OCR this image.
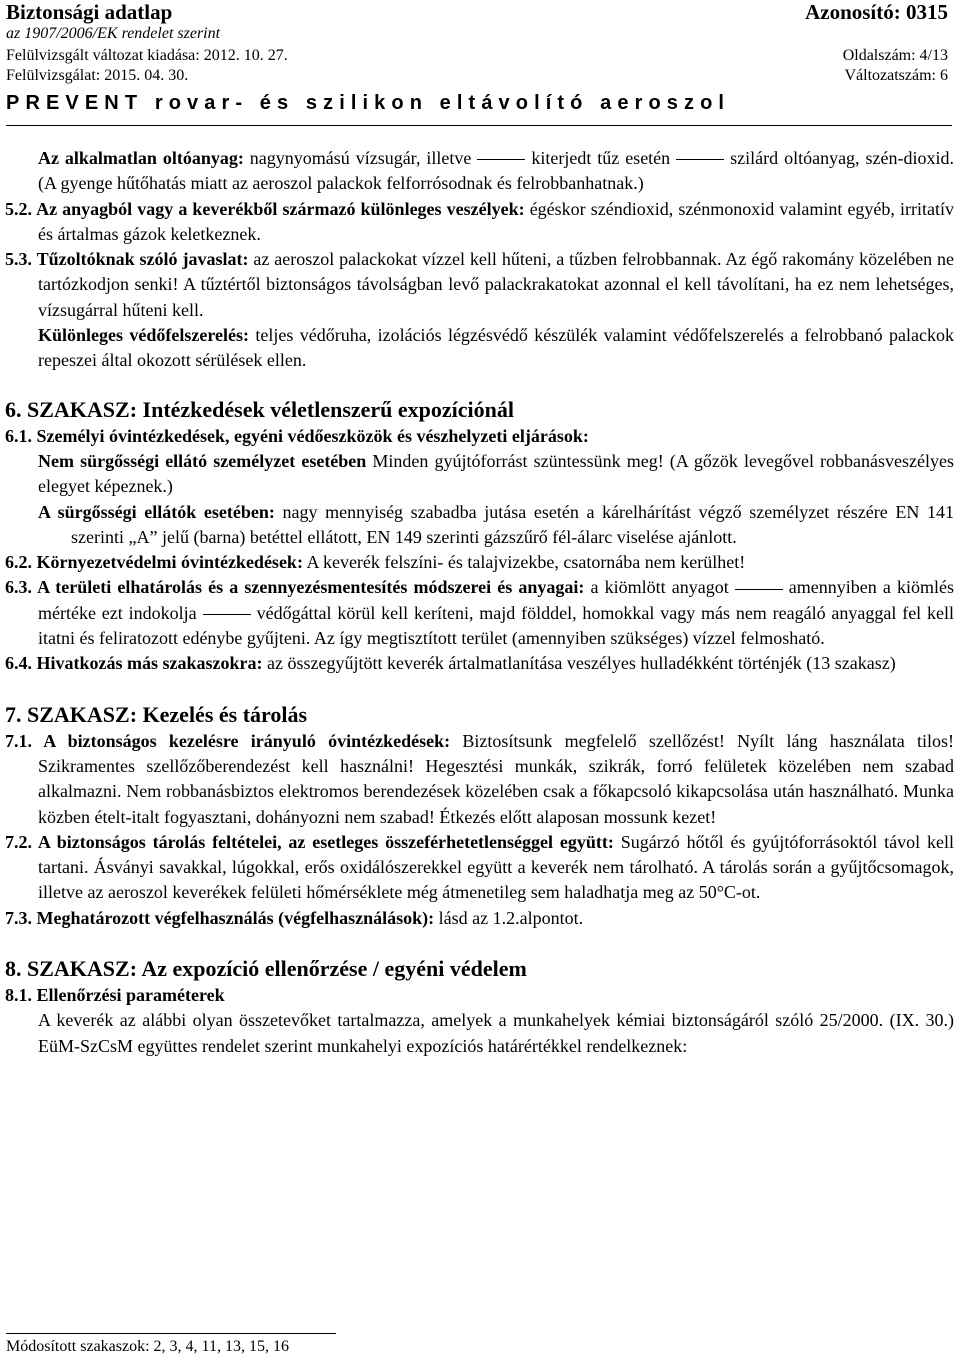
Biztonsági adatlap	Azonosító: 0315
az 1907/2006/EK rendelet szerint
Felülvizsgált változat kiadása: 2012. 10. 27.
Felülvizsgálat: 2015. 04. 30.
Oldalszám: 4/13
Változatszám: 6
PREVENT rovar- és szilikon eltávolító aeroszol

Az alkalmatlan oltóanyag: nagynyomású vízsugár, illetve	kiterjedt tűz esetén	szilárd oltóanyag, szén-dioxid. (A gyenge hűtőhatás miatt az aeroszol palackok felforrósodnak és felrobbanhatnak.)

5.2. Az anyagból vagy a keverékből származó különleges veszélyek: égéskor széndioxid, szénmonoxid valamint egyéb, irritatív és ártalmas gázok keletkeznek.

5.3. Tűzoltóknak szóló javaslat: az aeroszol palackokat vízzel kell hűteni, a tűzben felrobbannak. Az égő rakomány közelében ne tartózkodjon senki! A tűztértől biztonságos távolságban levő palackrakatokat azonnal el kell távolítani, ha ez nem lehetséges, vízsugárral hűteni kell.

Különleges védőfelszerelés: teljes védőruha, izolációs légzésvédő készülék valamint védőfelszerelés a felrobbanó palackok repeszei által okozott sérülések ellen.

6. SZAKASZ: Intézkedések véletlenszerű expozíciónál

6.1. Személyi óvintézkedések, egyéni védőeszközök és vészhelyzeti eljárások:

Nem sürgősségi ellátó személyzet esetében Minden gyújtóforrást szüntessünk meg! (A gőzök levegővel robbanásveszélyes elegyet képeznek.)

A sürgősségi ellátók esetében: nagy mennyiség szabadba jutása esetén a kárelhárítást végző személyzet részére EN 141 szerinti „A” jelű (barna) betéttel ellátott, EN 149 szerinti gázszűrő fél-álarc viselése ajánlott.

6.2. Környezetvédelmi óvintézkedések: A keverék felszíni- és talajvizekbe, csatornába nem kerülhet!

6.3. A területi elhatárolás és a szennyezésmentesítés módszerei és anyagai: a kiömlött anyagot	amennyiben a kiömlés mértéke ezt indokolja	védőgáttal körül kell keríteni, majd földdel, homokkal vagy más nem reagáló anyaggal fel kell itatni és feliratozott edénybe gyűjteni. Az így megtisztított terület (amennyiben szükséges) vízzel felmosható.

6.4. Hivatkozás más szakaszokra: az összegyűjtött keverék ártalmatlanítása veszélyes hulladékként történjék (13 szakasz)

7. SZAKASZ: Kezelés és tárolás

7.1. A biztonságos kezelésre irányuló óvintézkedések: Biztosítsunk megfelelő szellőzést! Nyílt láng használata tilos! Szikramentes szellőzőberendezést kell használni! Hegesztési munkák, szikrák, forró felületek közelében nem szabad alkalmazni. Nem robbanásbiztos elektromos berendezések közelében csak a főkapcsoló kikapcsolása után használható. Munka közben ételt-italt fogyasztani, dohányozni nem szabad! Étkezés előtt alaposan mossunk kezet!

7.2. A biztonságos tárolás feltételei, az esetleges összeférhetetlenséggel együtt: Sugárzó hőtől és gyújtóforrásoktól távol kell tartani. Ásványi savakkal, lúgokkal, erős oxidálószerekkel együtt a keverék nem tárolható. A tárolás során a gyűjtőcsomagok, illetve az aeroszol keverékek felületi hőmérséklete még átmenetileg sem haladhatja meg az 50°C-ot.

7.3. Meghatározott végfelhasználás (végfelhasználások): lásd az 1.2.alpontot.

8. SZAKASZ: Az expozíció ellenőrzése / egyéni védelem

8.1. Ellenőrzési paraméterek

A keverék az alábbi olyan összetevőket tartalmazza, amelyek a munkahelyek kémiai biztonságáról szóló 25/2000. (IX. 30.) EüM-SzCsM együttes rendelet szerint munkahelyi expozíciós határértékkel rendelkeznek:

Módosított szakaszok: 2, 3, 4, 11, 13, 15, 16
